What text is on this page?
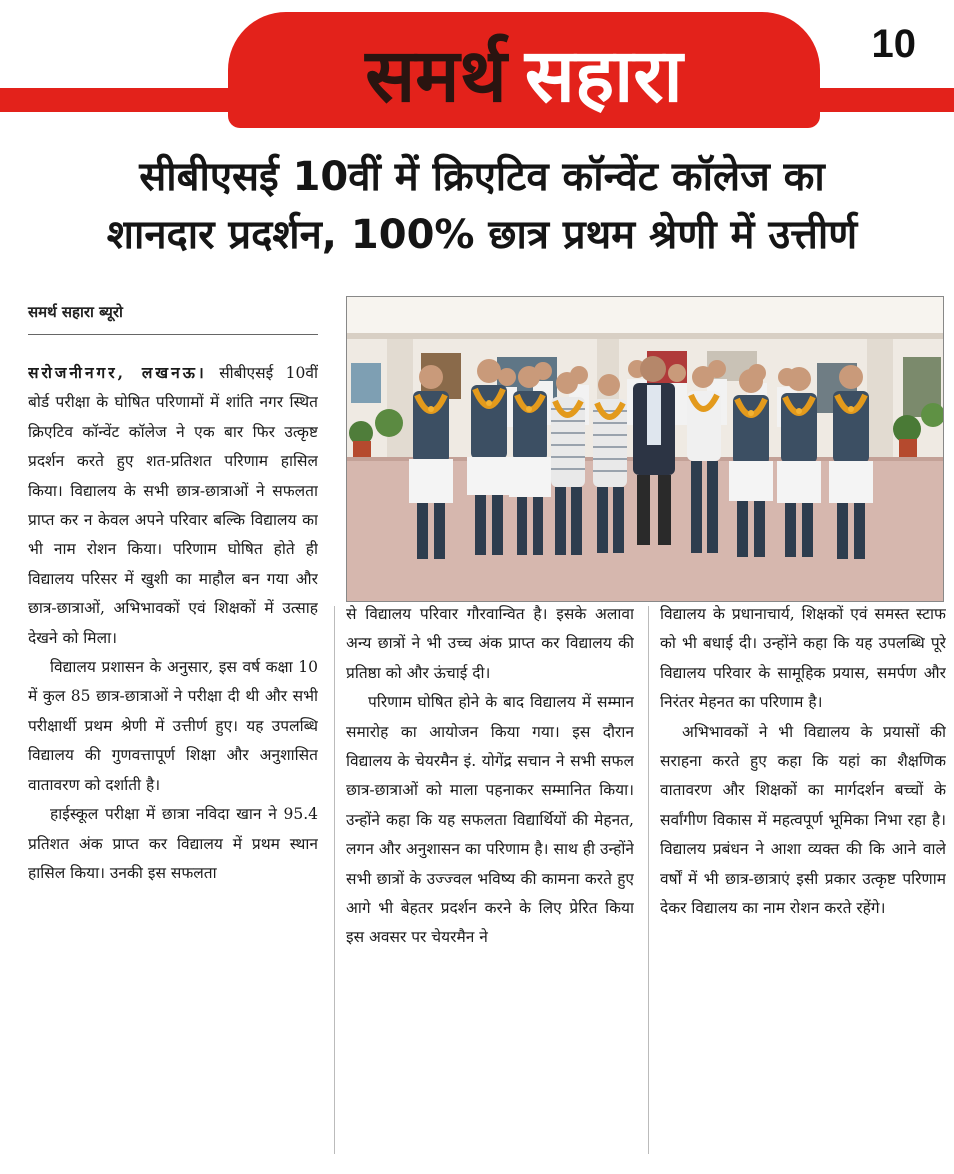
समर्थ सहारा	10
सीबीएसई 10वीं में क्रिएटिव कॉन्वेंट कॉलेज का
शानदार प्रदर्शन, 100% छात्र प्रथम श्रेणी में उत्तीर्ण
समर्थ सहारा ब्यूरो

सरोजनीनगर, लखनऊ। सीबीएसई 10वीं बोर्ड परीक्षा के घोषित परिणामों में शांति नगर स्थित क्रिएटिव कॉन्वेंट कॉलेज ने एक बार फिर उत्कृष्ट प्रदर्शन करते हुए शत-प्रतिशत परिणाम हासिल किया। विद्यालय के सभी छात्र-छात्राओं ने सफलता प्राप्त कर न केवल अपने परिवार बल्कि विद्यालय का भी नाम रोशन किया। परिणाम घोषित होते ही विद्यालय परिसर में खुशी का माहौल बन गया और छात्र-छात्राओं, अभिभावकों एवं शिक्षकों में उत्साह देखने को मिला।

विद्यालय प्रशासन के अनुसार, इस वर्ष कक्षा 10 में कुल 85 छात्र-छात्राओं ने परीक्षा दी थी और सभी परीक्षार्थी प्रथम श्रेणी में उत्तीर्ण हुए। यह उपलब्धि विद्यालय की गुणवत्तापूर्ण शिक्षा और अनुशासित वातावरण को दर्शाती है।

हाईस्कूल परीक्षा में छात्रा नविदा खान ने 95.4 प्रतिशत अंक प्राप्त कर विद्यालय में प्रथम स्थान हासिल किया। उनकी इस सफलता

से विद्यालय परिवार गौरवान्वित है। इसके अलावा अन्य छात्रों ने भी उच्च अंक प्राप्त कर विद्यालय की प्रतिष्ठा को और ऊंचाई दी।

परिणाम घोषित होने के बाद विद्यालय में सम्मान समारोह का आयोजन किया गया। इस दौरान विद्यालय के चेयरमैन इं. योगेंद्र सचान ने सभी सफल छात्र-छात्राओं को माला पहनाकर सम्मानित किया। उन्होंने कहा कि यह सफलता विद्यार्थियों की मेहनत, लगन और अनुशासन का परिणाम है। साथ ही उन्होंने सभी छात्रों के उज्ज्वल भविष्य की कामना करते हुए आगे भी बेहतर प्रदर्शन करने के लिए प्रेरित किया इस अवसर पर चेयरमैन ने

विद्यालय के प्रधानाचार्य, शिक्षकों एवं समस्त स्टाफ को भी बधाई दी। उन्होंने कहा कि यह उपलब्धि पूरे विद्यालय परिवार के सामूहिक प्रयास, समर्पण और निरंतर मेहनत का परिणाम है।

अभिभावकों ने भी विद्यालय के प्रयासों की सराहना करते हुए कहा कि यहां का शैक्षणिक वातावरण और शिक्षकों का मार्गदर्शन बच्चों के सर्वांगीण विकास में महत्वपूर्ण भूमिका निभा रहा है। विद्यालय प्रबंधन ने आशा व्यक्त की कि आने वाले वर्षों में भी छात्र-छात्राएं इसी प्रकार उत्कृष्ट परिणाम देकर विद्यालय का नाम रोशन करते रहेंगे।
